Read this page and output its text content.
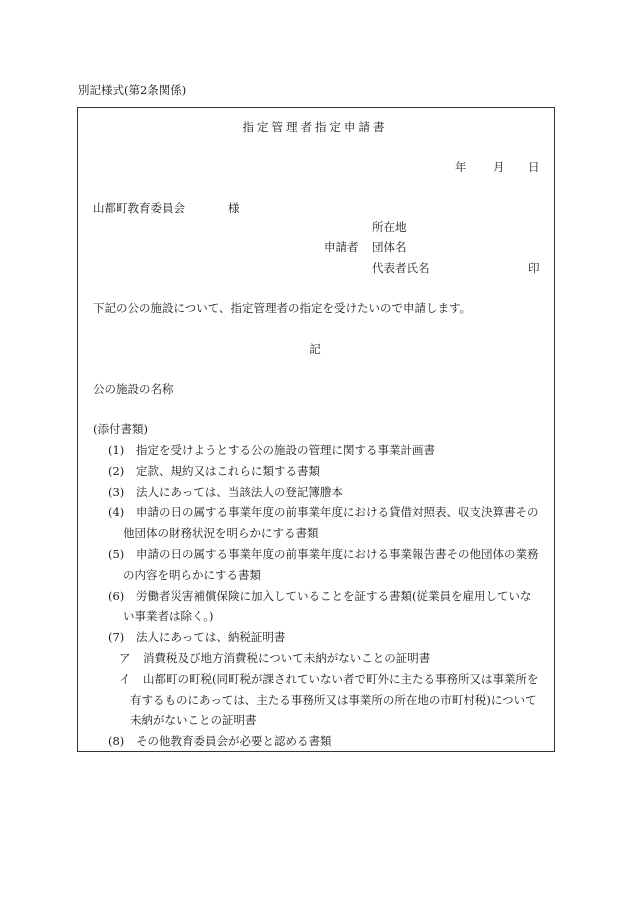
別記様式(第2条関係)
指定管理者指定申請書
年 月 日
山都町教育委員会	様
申請者
所在地
団体名
代表者氏名	印
下記の公の施設について、指定管理者の指定を受けたいので申請します。
記
公の施設の名称
(添付書類)
(1) 指定を受けようとする公の施設の管理に関する事業計画書
(2) 定款、規約又はこれらに類する書類
(3) 法人にあっては、当該法人の登記簿謄本
(4) 申請の日の属する事業年度の前事業年度における貸借対照表、収支決算書その
他団体の財務状況を明らかにする書類
(5) 申請の日の属する事業年度の前事業年度における事業報告書その他団体の業務
の内容を明らかにする書類
(6) 労働者災害補償保険に加入していることを証する書類(従業員を雇用していな
い事業者は除く。)
(7) 法人にあっては、納税証明書
ア 消費税及び地方消費税について未納がないことの証明書
イ 山都町の町税(同町税が課されていない者で町外に主たる事務所又は事業所を
有するものにあっては、主たる事務所又は事業所の所在地の市町村税)について
未納がないことの証明書
(8) その他教育委員会が必要と認める書類
